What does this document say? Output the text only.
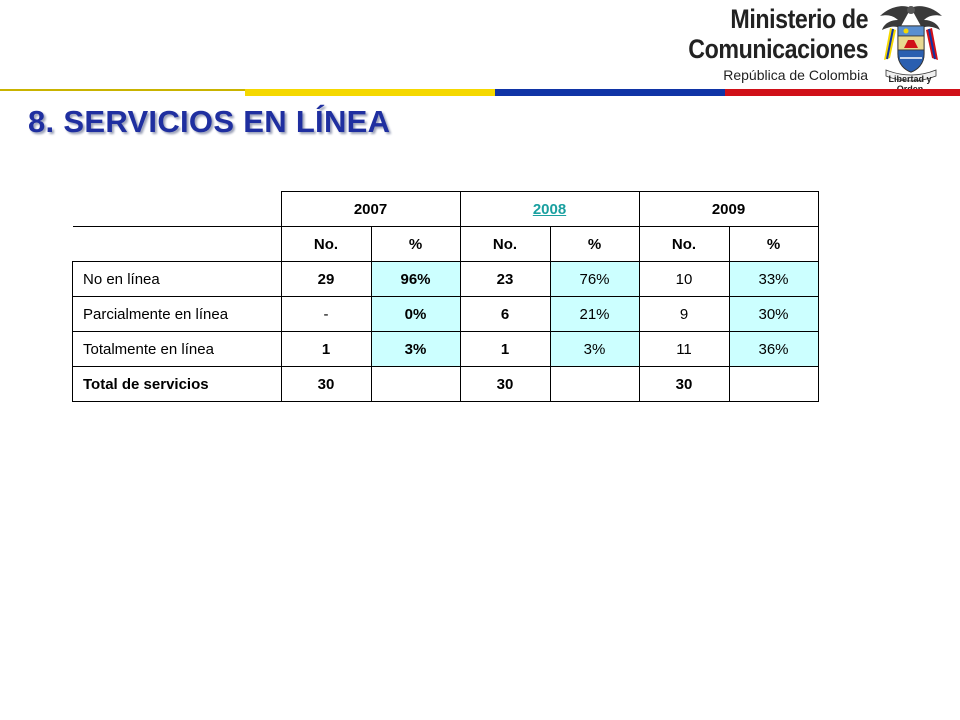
Ministerio de
Comunicaciones
República de Colombia	Libertad y
8. SERVICIOS EN LÍNEA
	2007		2008		2009	
	No.	%	No.	%	No.	%
No en línea	29	96%	23	76%	10	33%
Parcialmente en línea	-	0%	6	21%	9	30%
Totalmente en línea	1	3%	1	3%	11	36%
Total de servicios	30		30		30	
